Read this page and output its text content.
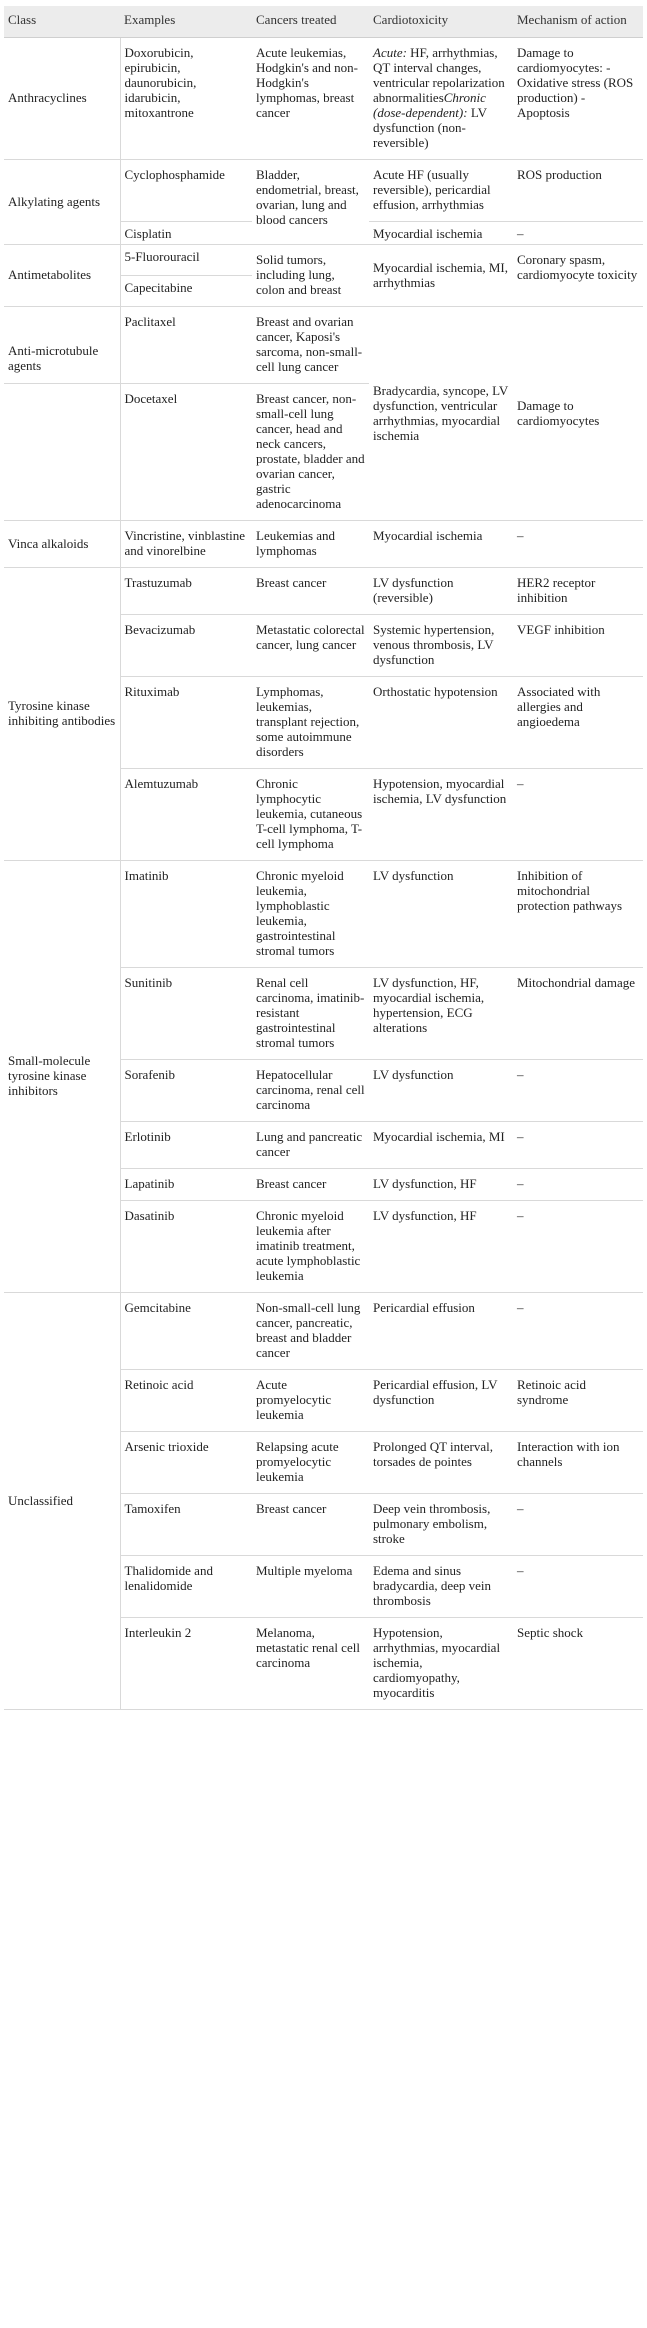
Class	Examples	Cancers treated	Cardiotoxicity	Mechanism of action
Anthracyclines	Doxorubicin, epirubicin, daunorubicin, idarubicin, mitoxantrone	Acute leukemias, Hodgkin's and non-Hodgkin's lymphomas, breast cancer	Acute: HF, arrhythmias, QT interval changes, ventricular repolarization abnormalitiesChronic (dose-dependent): LV dysfunction (non-reversible)	Damage to cardiomyocytes: - Oxidative stress (ROS production) - Apoptosis
Alkylating agents	Cyclophosphamide	Bladder, endometrial, breast, ovarian, lung and blood cancers	Acute HF (usually reversible), pericardial effusion, arrhythmias	ROS production
	Cisplatin		Myocardial ischemia	–
Antimetabolites	5-Fluorouracil	Solid tumors, including lung, colon and breast	Myocardial ischemia, MI, arrhythmias	Coronary spasm, cardiomyocyte toxicity
	Capecitabine			
Anti-microtubule agents	Paclitaxel	Breast and ovarian cancer, Kaposi's sarcoma, non-small-cell lung cancer	Bradycardia, syncope, LV dysfunction, ventricular arrhythmias, myocardial ischemia	Damage to cardiomyocytes
	Docetaxel	Breast cancer, non-small-cell lung cancer, head and neck cancers, prostate, bladder and ovarian cancer, gastric adenocarcinoma		
Vinca alkaloids	Vincristine, vinblastine and vinorelbine	Leukemias and lymphomas	Myocardial ischemia	–
Tyrosine kinase inhibiting antibodies	Trastuzumab	Breast cancer	LV dysfunction (reversible)	HER2 receptor inhibition
	Bevacizumab	Metastatic colorectal cancer, lung cancer	Systemic hypertension, venous thrombosis, LV dysfunction	VEGF inhibition
	Rituximab	Lymphomas, leukemias, transplant rejection, some autoimmune disorders	Orthostatic hypotension	Associated with allergies and angioedema
	Alemtuzumab	Chronic lymphocytic leukemia, cutaneous T-cell lymphoma, T-cell lymphoma	Hypotension, myocardial ischemia, LV dysfunction	–
Small-molecule tyrosine kinase inhibitors	Imatinib	Chronic myeloid leukemia, lymphoblastic leukemia, gastrointestinal stromal tumors	LV dysfunction	Inhibition of mitochondrial protection pathways
	Sunitinib	Renal cell carcinoma, imatinib-resistant gastrointestinal stromal tumors	LV dysfunction, HF, myocardial ischemia, hypertension, ECG alterations	Mitochondrial damage
	Sorafenib	Hepatocellular carcinoma, renal cell carcinoma	LV dysfunction	–
	Erlotinib	Lung and pancreatic cancer	Myocardial ischemia, MI	–
	Lapatinib	Breast cancer	LV dysfunction, HF	–
	Dasatinib	Chronic myeloid leukemia after imatinib treatment, acute lymphoblastic leukemia	LV dysfunction, HF	–
Unclassified	Gemcitabine	Non-small-cell lung cancer, pancreatic, breast and bladder cancer	Pericardial effusion	–
	Retinoic acid	Acute promyelocytic leukemia	Pericardial effusion, LV dysfunction	Retinoic acid syndrome
	Arsenic trioxide	Relapsing acute promyelocytic leukemia	Prolonged QT interval, torsades de pointes	Interaction with ion channels
	Tamoxifen	Breast cancer	Deep vein thrombosis, pulmonary embolism, stroke	–
	Thalidomide and lenalidomide	Multiple myeloma	Edema and sinus bradycardia, deep vein thrombosis	–
	Interleukin 2	Melanoma, metastatic renal cell carcinoma	Hypotension, arrhythmias, myocardial ischemia, cardiomyopathy, myocarditis	Septic shock
